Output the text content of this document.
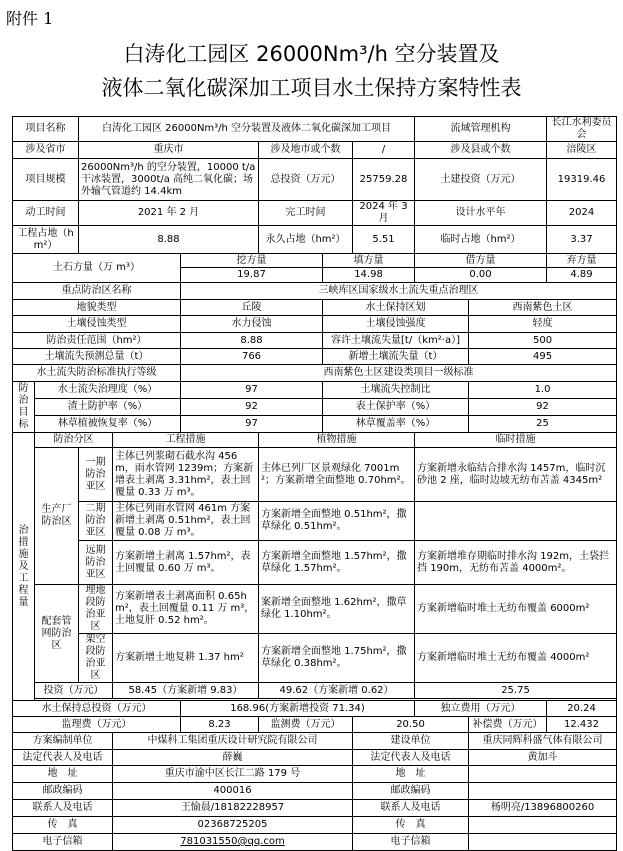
附件 1
白涛化工园区 26000Nm³/h 空分装置及
液体二氧化碳深加工项目水土保持方案特性表
项目名称		白涛化工园区 26000Nm³/h 空分装置及液体二氧化碳深加工项目						流域管理机构		长江水利委员会
涉及省市		重庆市			涉及地市或个数		/	涉及县或个数		涪陵区
项目规模		26000Nm³/h 的空分装置，10000 t/a 干冰装置，3000t/a 高纯二氧化碳；场外输气管道约 14.4km			总投资（万元）		25759.28	土建投资（万元）		19319.46
动工时间		2021 年 2 月			完工时间		2024 年 3 月	设计水平年		2024
工程占地（hm²）		8.88			永久占地（hm²）		5.51	临时占地（hm²）		3.37
土石方量（万 m³）				挖方量		填方量		借方量		弃方量
				19.87		14.98		0.00		4.89
重点防治区名称				三峡库区国家级水土流失重点治理区						
地貌类型				丘陵		水土保持区划			西南紫色土区	
土壤侵蚀类型				水力侵蚀		土壤侵蚀强度			轻度	
防治责任范围（hm²）				8.88		容许土壤流失量[t/（km²·a）]			500	
土壤流失预测总量（t）				766		新增土壤流失量（t）			495	
水土流失防治标准执行等级				西南紫色土区建设类项目一级标准						
防治目标	水土流失治理度（%）			97		土壤流失控制比			1.0	
	渣土防护率（%）			92		表土保护率（%）			92	
	林草植被恢复率（%）			97		林草覆盖率（%）			25	
治措施及工程量	防治分区		工程措施		植物措施			临时措施		
	生产厂防治区	一期防治亚区	主体已列浆砌石截水沟 456m，雨水管网 1239m；方案新增表土剥离 3.31hm²，表土回覆量 0.33 万 m³。		主体已列厂区景观绿化 7001m²；方案新增全面整地 0.70hm²。			方案新增永临结合排水沟 1457m，临时沉砂池 2 座，临时边坡无纺布苫盖 4345m²		
		二期防治亚区	主体已列雨水管网 461m 方案新增土剥离 0.51hm²，表土回覆量 0.08 万 m³。		方案新增全面整地 0.51hm²，撒草绿化 0.51hm²。					
		远期防治亚区	方案新增土剥离 1.57hm²，表土回覆量 0.60 万 m³。		方案新增全面整地 1.57hm²，撒草绿化 1.57hm²。			方案新增堆存期临时排水沟 192m，土袋拦挡 190m，无纺布苫盖 4000m²。		
	配套管网防治区	埋地段防治亚区	方案新增表土剥离面积 0.65hm²，表土回覆量 0.11 万 m³，土地复肝 0.52 hm²。		案新增全面整地 1.62hm²，撒草绿化 1.10hm²。			方案新增临时堆土无纺布覆盖 6000m²		
		架空段防治亚区	方案新增土地复耕 1.37 hm²		方案新增全面整地 1.75hm²，撒草绿化 0.38hm²。			方案新增临时堆土无纺布覆盖 4000m²		
	投资（万元）		58.45（方案新增 9.83）		49.62（方案新增 0.62）			25.75		

水土保持总投资（万元）				168.96(方案新增投资 71.34)				独立费用（万元）		20.24
监理费（万元）				8.23	监测费（万元）		20.50		补偿费（万元）	12.432
方案编制单位			中煤科工集团重庆设计研究院有限公司				建设单位		重庆同辉科盛气体有限公司	
法定代表人及电话			薛巍				法定代表人及电话		黄加斗	
地　址			重庆市渝中区长江二路 179 号				地　址			
邮政编码			400016				邮政编码			
联系人及电话			王愉晨/18182228957				联系人及电话		杨明亮/13896800260	
传　真			02368725205				传　真			
电子信箱			781031550@qq.com				电子信箱			
